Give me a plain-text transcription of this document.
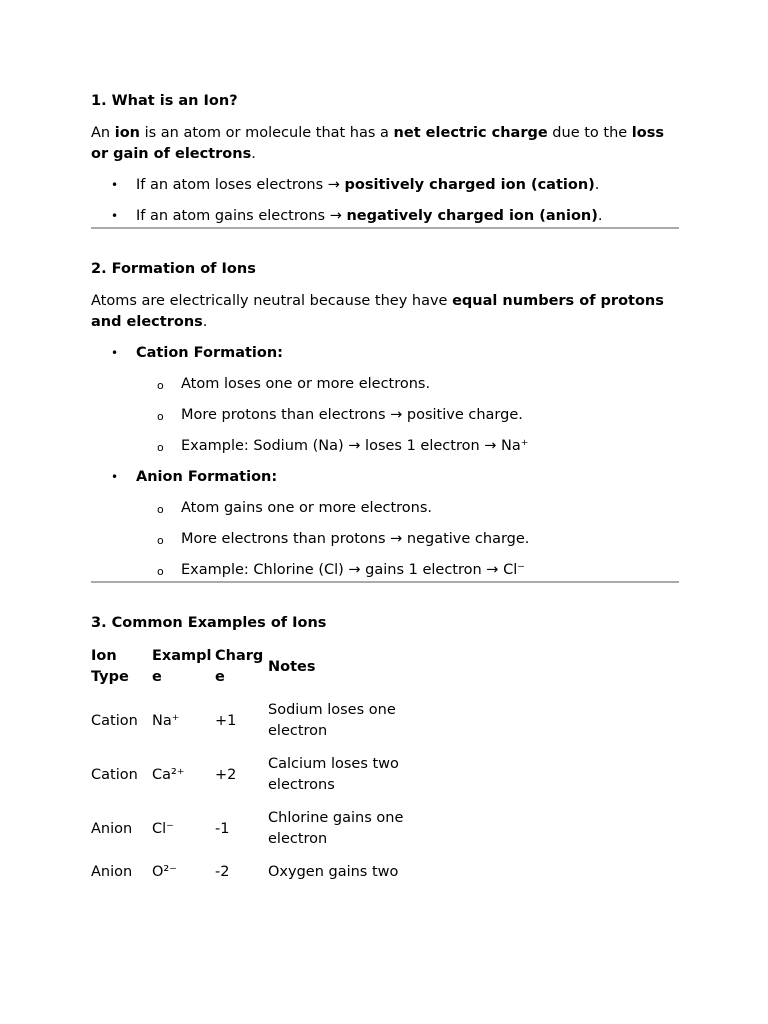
1. What is an Ion?

An ion is an atom or molecule that has a net electric charge due to the loss or gain of electrons.

• If an atom loses electrons → positively charged ion (cation).
• If an atom gains electrons → negatively charged ion (anion).
2. Formation of Ions

Atoms are electrically neutral because they have equal numbers of protons and electrons.

• Cation Formation:
o Atom loses one or more electrons.
o More protons than electrons → positive charge.
o Example: Sodium (Na) → loses 1 electron → Na⁺
• Anion Formation:
o Atom gains one or more electrons.
o More electrons than protons → negative charge.
o Example: Chlorine (Cl) → gains 1 electron → Cl⁻
3. Common Examples of Ions
Ion Type	Example	Charge	Notes
Cation	Na⁺	+1	Sodium loses one electron
Cation	Ca²⁺	+2	Calcium loses two electrons
Anion	Cl⁻	-1	Chlorine gains one electron
Anion	O²⁻	-2	Oxygen gains two
